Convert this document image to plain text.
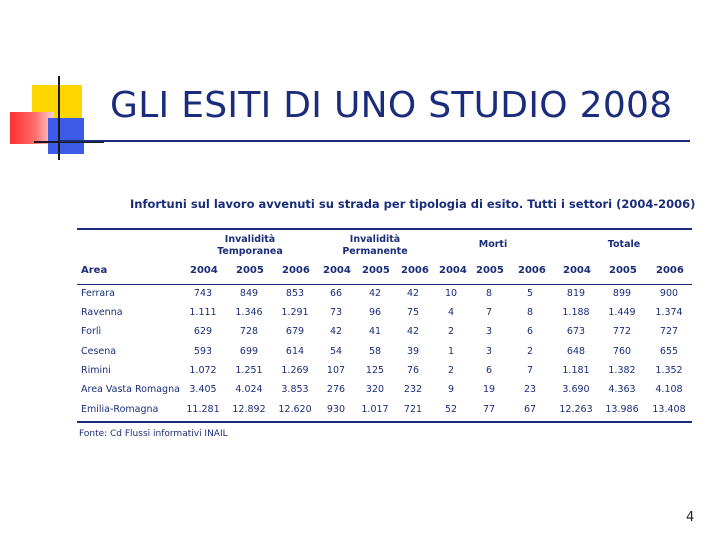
GLI ESITI DI UNO STUDIO 2008
Infortuni sul lavoro avvenuti su strada per tipologia di esito. Tutti i settori (2004-2006)
Invalidità
Temporanea
Invalidità
Permanente
Morti	Totale
Area	2004 2005 2006 2004 2005 2006 2004 2005 2006 2004 2005 2006
Ferrara	743	849	853	66	42	42	10	8	5	819	899	900
Ravenna	1.111	1.346	1.291	73	96	75	4	7	8	1.188	1.449	1.374
Forlì	629	728	679	42	41	42	2	3	6	673	772	727
Cesena	593	699	614	54	58	39	1	3	2	648	760	655
Rimini	1.072	1.251	1.269	107	125	76	2	6	7	1.181	1.382	1.352
Area Vasta Romagna 3.405	4.024	3.853	276	320	232	9	19	23	3.690	4.363	4.108
Emilia-Romagna	11.281	12.892	12.620	930	1.017	721	52	77	67	12.263	13.986	13.408
Fonte: Cd Flussi informativi INAIL
4
